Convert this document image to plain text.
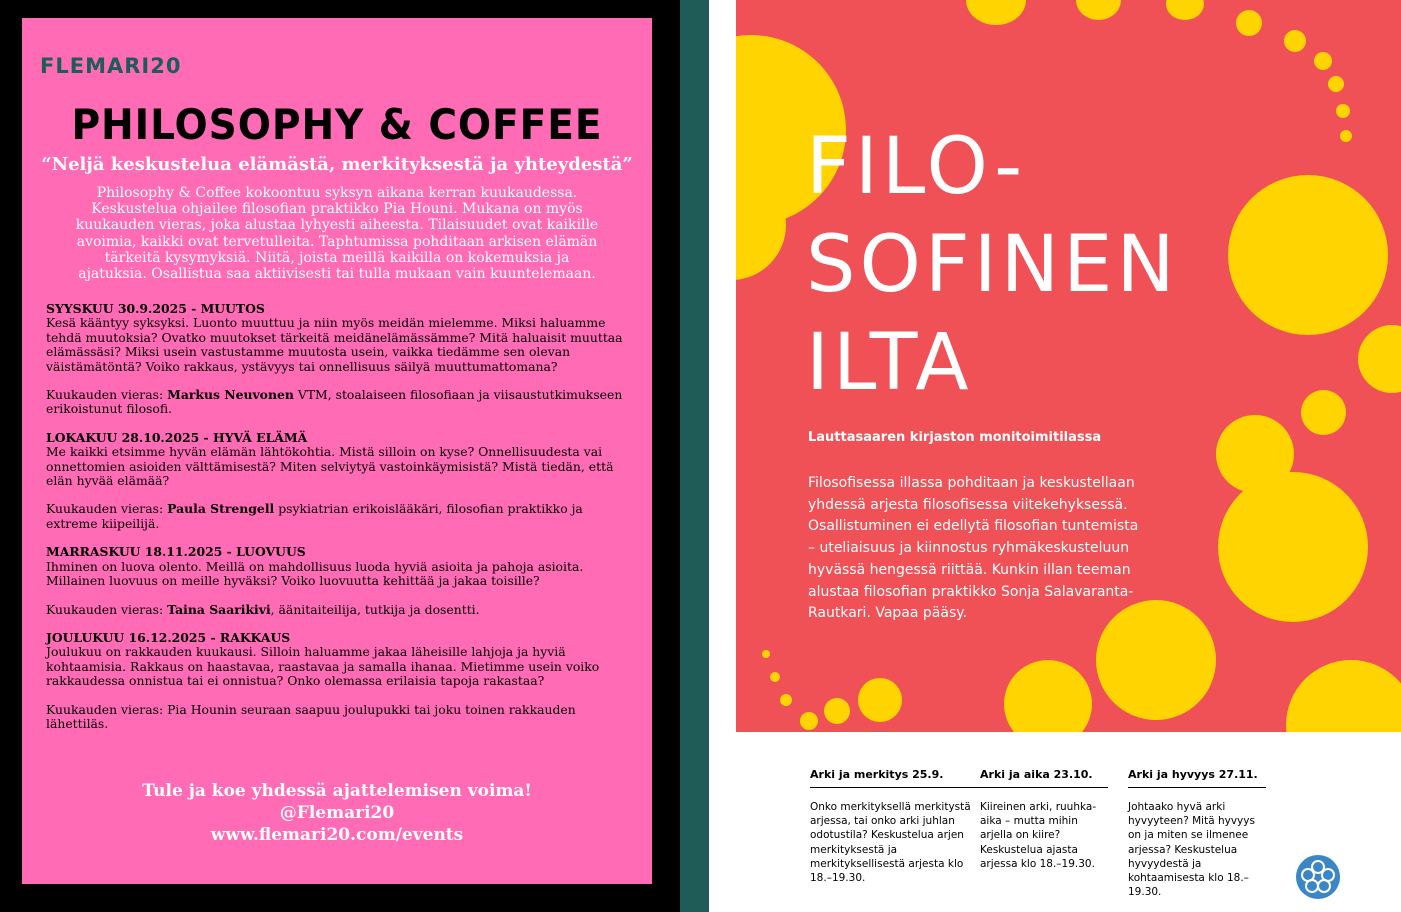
FLEMARI20
PHILOSOPHY & COFFEE
“Neljä keskustelua elämästä, merkityksestä ja yhteydestä”
Philosophy & Coffee kokoontuu syksyn aikana kerran kuukaudessa. Keskustelua ohjailee filosofian praktikko Pia Houni. Mukana on myös kuukauden vieras, joka alustaa lyhyesti aiheesta. Tilaisuudet ovat kaikille avoimia, kaikki ovat tervetulleita. Taphtumissa pohditaan arkisen elämän tärkeitä kysymyksiä. Niitä, joista meillä kaikilla on kokemuksia ja ajatuksia. Osallistua saa aktiivisesti tai tulla mukaan vain kuuntelemaan.
SYYSKUU 30.9.2025 - MUUTOS
Kesä kääntyy syksyksi. Luonto muuttuu ja niin myös meidän mielemme. Miksi haluamme tehdä muutoksia? Ovatko muutokset tärkeitä meidänelämässämme? Mitä haluaisit muuttaa elämässäsi? Miksi usein vastustamme muutosta usein, vaikka tiedämme sen olevan väistämätöntä? Voiko rakkaus, ystävyys tai onnellisuus säilyä muuttumattomana?
Kuukauden vieras: Markus Neuvonen VTM, stoalaiseen filosofiaan ja viisaustutkimukseen erikoistunut filosofi.
LOKAKUU 28.10.2025 - HYVÄ ELÄMÄ
Me kaikki etsimme hyvän elämän lähtökohtia. Mistä silloin on kyse? Onnellisuudesta vai onnettomien asioiden välttämisestä? Miten selviytyä vastoinkäymisistä? Mistä tiedän, että elän hyvää elämää?
Kuukauden vieras: Paula Strengell psykiatrian erikoislääkäri, filosofian praktikko ja extreme kiipeilijä.
MARRASKUU 18.11.2025 - LUOVUUS
Ihminen on luova olento. Meillä on mahdollisuus luoda hyviä asioita ja pahoja asioita. Millainen luovuus on meille hyväksi? Voiko luovuutta kehittää ja jakaa toisille?
Kuukauden vieras: Taina Saarikivi, äänitaiteilija, tutkija ja dosentti.
JOULUKUU 16.12.2025 - RAKKAUS
Joulukuu on rakkauden kuukausi. Silloin haluamme jakaa läheisille lahjoja ja hyviä kohtaamisia. Rakkaus on haastavaa, raastavaa ja samalla ihanaa. Mietimme usein voiko rakkaudessa onnistua tai ei onnistua? Onko olemassa erilaisia tapoja rakastaa?
Kuukauden vieras: Pia Hounin seuraan saapuu joulupukki tai joku toinen rakkauden lähettiläs.
Tule ja koe yhdessä ajattelemisen voima!
@Flemari20
www.flemari20.com/events
FILO-
SOFINEN
ILTA
Lauttasaaren kirjaston monitoimitilassa
Filosofisessa illassa pohditaan ja keskustellaan yhdessä arjesta filosofisessa viitekehyksessä. Osallistuminen ei edellytä filosofian tuntemista – uteliaisuus ja kiinnostus ryhmäkeskusteluun hyvässä hengessä riittää. Kunkin illan teeman alustaa filosofian praktikko Sonja Salavaranta-Rautkari. Vapaa pääsy.
Arki ja merkitys 25.9.
Onko merkityksellä merkitystä arjessa, tai onko arki juhlan odotustila? Keskustelua arjen merkityksestä ja merkityksellisestä arjesta klo 18.–19.30.
Arki ja aika 23.10.
Kiireinen arki, ruuhka-aika – mutta mihin arjella on kiire? Keskustelua ajasta arjessa klo 18.–19.30.
Arki ja hyvyys 27.11.
Johtaako hyvä arki hyvyyteen? Mitä hyvyys on ja miten se ilmenee arjessa? Keskustelua hyvyydestä ja kohtaamisesta klo 18.–19.30.
